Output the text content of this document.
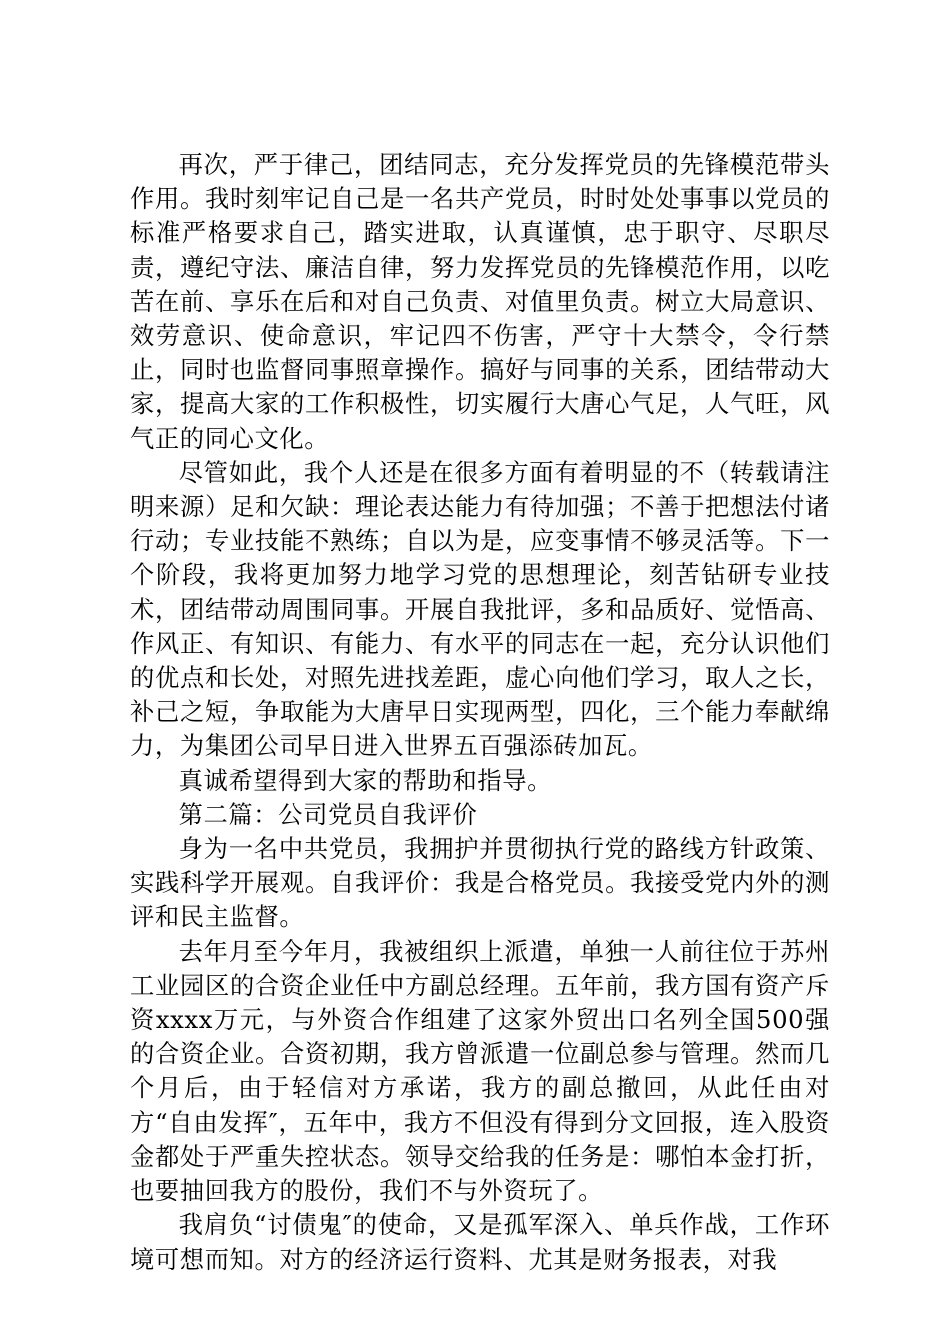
再次，严于律己，团结同志，充分发挥党员的先锋模范带头作用。我时刻牢记自己是一名共产党员，时时处处事事以党员的标准严格要求自己，踏实进取，认真谨慎，忠于职守、尽职尽责，遵纪守法、廉洁自律，努力发挥党员的先锋模范作用，以吃苦在前、享乐在后和对自己负责、对值里负责。树立大局意识、效劳意识、使命意识，牢记四不伤害，严守十大禁令，令行禁止，同时也监督同事照章操作。搞好与同事的关系，团结带动大家，提高大家的工作积极性，切实履行大唐心气足，人气旺，风气正的同心文化。

尽管如此，我个人还是在很多方面有着明显的不（转载请注明来源）足和欠缺：理论表达能力有待加强；不善于把想法付诸行动；专业技能不熟练；自以为是，应变事情不够灵活等。下一个阶段，我将更加努力地学习党的思想理论，刻苦钻研专业技术，团结带动周围同事。开展自我批评，多和品质好、觉悟高、作风正、有知识、有能力、有水平的同志在一起，充分认识他们的优点和长处，对照先进找差距，虚心向他们学习，取人之长，补己之短，争取能为大唐早日实现两型，四化，三个能力奉献绵力，为集团公司早日进入世界五百强添砖加瓦。

真诚希望得到大家的帮助和指导。

第二篇：公司党员自我评价

身为一名中共党员，我拥护并贯彻执行党的路线方针政策、实践科学开展观。自我评价：我是合格党员。我接受党内外的测评和民主监督。

去年月至今年月，我被组织上派遣，单独一人前往位于苏州工业园区的合资企业任中方副总经理。五年前，我方国有资产斥资xxxx万元，与外资合作组建了这家外贸出口名列全国500强的合资企业。合资初期，我方曾派遣一位副总参与管理。然而几个月后，由于轻信对方承诺，我方的副总撤回，从此任由对方“自由发挥″，五年中，我方不但没有得到分文回报，连入股资金都处于严重失控状态。领导交给我的任务是：哪怕本金打折，也要抽回我方的股份，我们不与外资玩了。

我肩负“讨债鬼″的使命，又是孤军深入、单兵作战，工作环境可想而知。对方的经济运行资料、尤其是财务报表，对我
